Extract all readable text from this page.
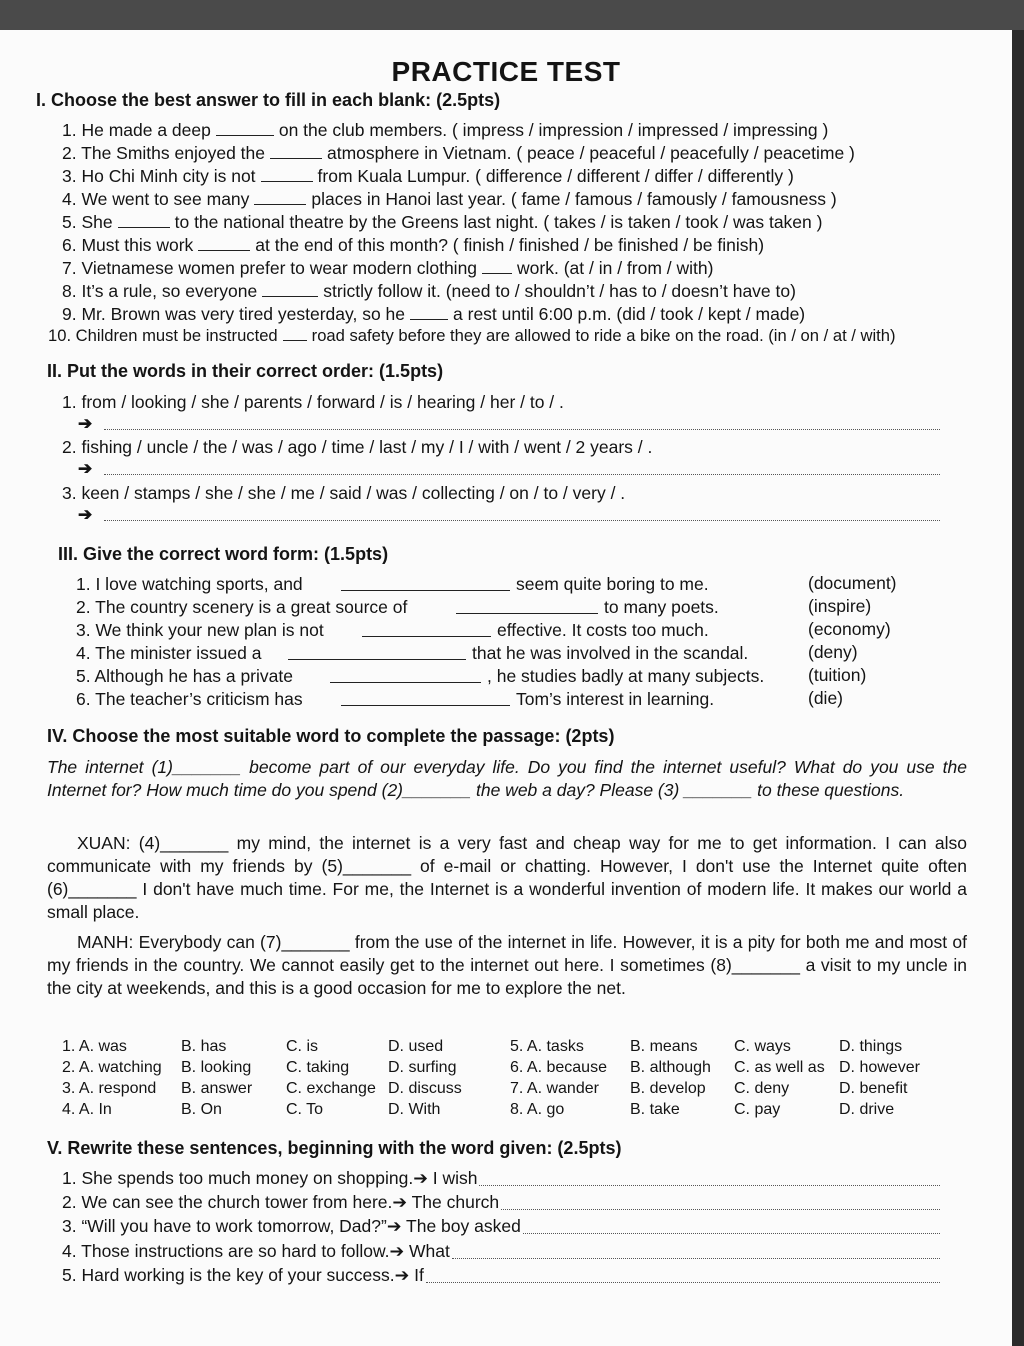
PRACTICE TEST
I. Choose the best answer to fill in each blank: (2.5pts)
1. He made a deep	on the club members. ( impress / impression / impressed / impressing )
2. The Smiths enjoyed the	atmosphere in Vietnam. ( peace / peaceful / peacefully / peacetime )
3. Ho Chi Minh city is not	from Kuala Lumpur. ( difference / different / differ / differently )
4. We went to see many	places in Hanoi last year. ( fame / famous / famously / famousness )
5. She	to the national theatre by the Greens last night. ( takes / is taken / took / was taken )
6. Must this work	at the end of this month? ( finish / finished / be finished / be finish)
7. Vietnamese women prefer to wear modern clothing work. (at / in / from / with)
8. It’s a rule, so everyone	strictly follow it. (need to / shouldn’t / has to / doesn’t have to)
9. Mr. Brown was very tired yesterday, so he	a rest until 6:00 p.m. (did / took / kept / made)
10. Children must be instructed road safety before they are allowed to ride a bike on the road. (in / on / at / with)
II. Put the words in their correct order: (1.5pts)
1. from / looking / she / parents / forward / is / hearing / her / to / .
➔
2. fishing / uncle / the / was / ago / time / last / my / I / with / went / 2 years / .
➔
3. keen / stamps / she / she / me / said / was / collecting / on / to / very / .
➔
III. Give the correct word form: (1.5pts)
1. I love watching sports, and	seem quite boring to me.	(document)
2. The country scenery is a great source of	to many poets.	(inspire)
3. We think your new plan is not	effective. It costs too much.	(economy)
4. The minister issued a	that he was involved in the scandal.	(deny)
5. Although he has a private	, he studies badly at many subjects.	(tuition)
6. The teacher’s criticism has	Tom’s interest in learning.	(die)
IV. Choose the most suitable word to complete the passage: (2pts)
The internet (1)_______ become part of our everyday life. Do you find the internet useful? What do you use the Internet for? How much time do you spend (2)_______ the web a day? Please (3) _______ to these questions.
XUAN: (4)_______ my mind, the internet is a very fast and cheap way for me to get information. I can also communicate with my friends by (5)_______ of e-mail or chatting. However, I don't use the Internet quite often (6)_______ I don't have much time. For me, the Internet is a wonderful invention of modern life. It makes our world a small place.
MANH: Everybody can (7)_______ from the use of the internet in life. However, it is a pity for both me and most of my friends in the country. We cannot easily get to the internet out here. I sometimes (8)_______ a visit to my uncle in the city at weekends, and this is a good occasion for me to explore the net.
1. A. was	B. has	C. is	D. used	5. A. tasks	B. means C. ways	D. things
2. A. watching B. looking C. taking D. surfing	6. A. because B. although C. as well as D. however
3. A. respond B. answer C. exchange D. discuss	7. A. wander B. develop C. deny	D. benefit
4. A. In	B. On	C. To	D. With	8. A. go	B. take	C. pay	D. drive
V. Rewrite these sentences, beginning with the word given: (2.5pts)
1. She spends too much money on shopping.➔ I wish
2. We can see the church tower from here.➔ The church
3. “Will you have to work tomorrow, Dad?”➔ The boy asked
4. Those instructions are so hard to follow.➔ What
5. Hard working is the key of your success.➔ If
